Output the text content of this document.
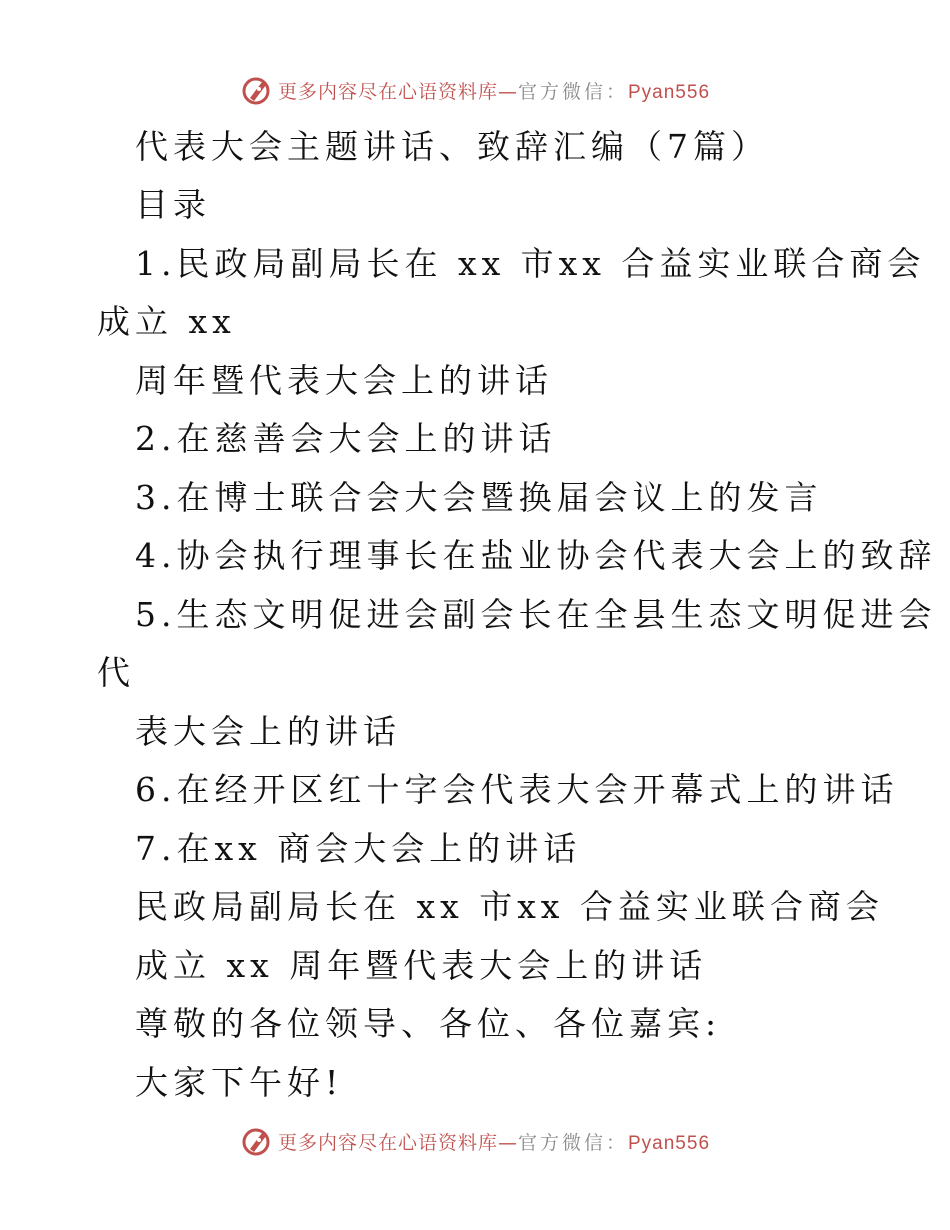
更多内容尽在心语资料库—官方微信：Pyan556
代表大会主题讲话、致辞汇编（7篇）
目录
1.民政局副局长在 xx 市xx 合益实业联合商会
成立 xx
周年暨代表大会上的讲话
2.在慈善会大会上的讲话
3.在博士联合会大会暨换届会议上的发言
4.协会执行理事长在盐业协会代表大会上的致辞
5.生态文明促进会副会长在全县生态文明促进会
代
表大会上的讲话
6.在经开区红十字会代表大会开幕式上的讲话
7.在xx 商会大会上的讲话
民政局副局长在 xx 市xx 合益实业联合商会
成立 xx 周年暨代表大会上的讲话
尊敬的各位领导、各位、各位嘉宾:
大家下午好!
更多内容尽在心语资料库—官方微信：Pyan556
